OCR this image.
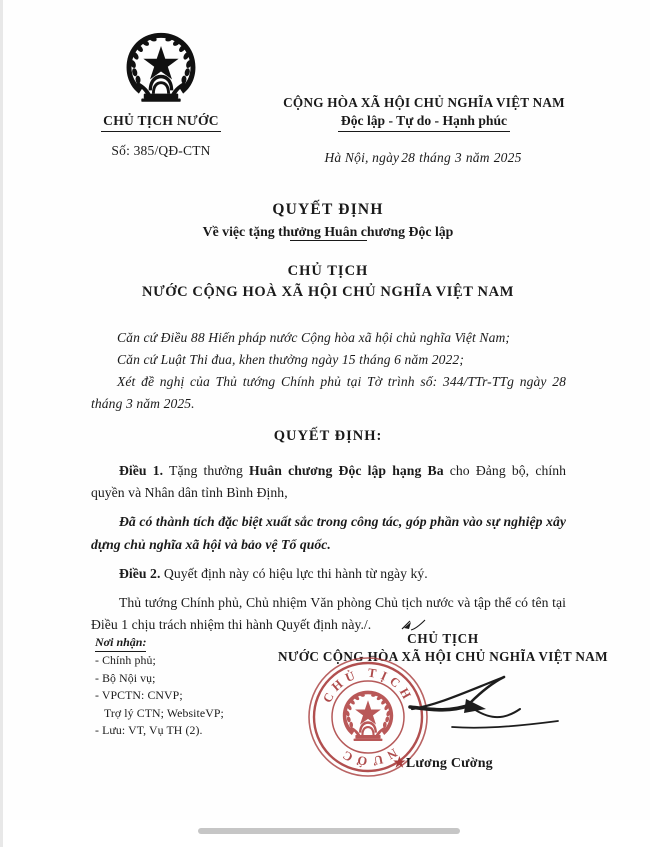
CHỦ TỊCH NƯỚC
Số: 385/QĐ-CTN
CỘNG HÒA XÃ HỘI CHỦ NGHĨA VIỆT NAM
Độc lập - Tự do - Hạnh phúc
Hà Nội, ngày 28 tháng 3 năm 2025
QUYẾT ĐỊNH
Về việc tặng thưởng Huân chương Độc lập
CHỦ TỊCH
NƯỚC CỘNG HOÀ XÃ HỘI CHỦ NGHĨA VIỆT NAM
Căn cứ Điều 88 Hiến pháp nước Cộng hòa xã hội chủ nghĩa Việt Nam;
Căn cứ Luật Thi đua, khen thưởng ngày 15 tháng 6 năm 2022;
Xét đề nghị của Thủ tướng Chính phủ tại Tờ trình số: 344/TTr-TTg ngày 28 tháng 3 năm 2025.
QUYẾT ĐỊNH:
Điều 1. Tặng thưởng Huân chương Độc lập hạng Ba cho Đảng bộ, chính quyền và Nhân dân tỉnh Bình Định,
Đã có thành tích đặc biệt xuất sắc trong công tác, góp phần vào sự nghiệp xây dựng chủ nghĩa xã hội và bảo vệ Tổ quốc.
Điều 2. Quyết định này có hiệu lực thi hành từ ngày ký.
Thủ tướng Chính phủ, Chủ nhiệm Văn phòng Chủ tịch nước và tập thể có tên tại Điều 1 chịu trách nhiệm thi hành Quyết định này./.
Nơi nhận:
- Chính phủ;
- Bộ Nội vụ;
- VPCTN: CNVP;
Trợ lý CTN; WebsiteVP;
- Lưu: VT, Vụ TH (2).
CHỦ TỊCH
NƯỚC CỘNG HÒA XÃ HỘI CHỦ NGHĨA VIỆT NAM
CHỦ TỊCH
NƯỚC	★Lương Cường
